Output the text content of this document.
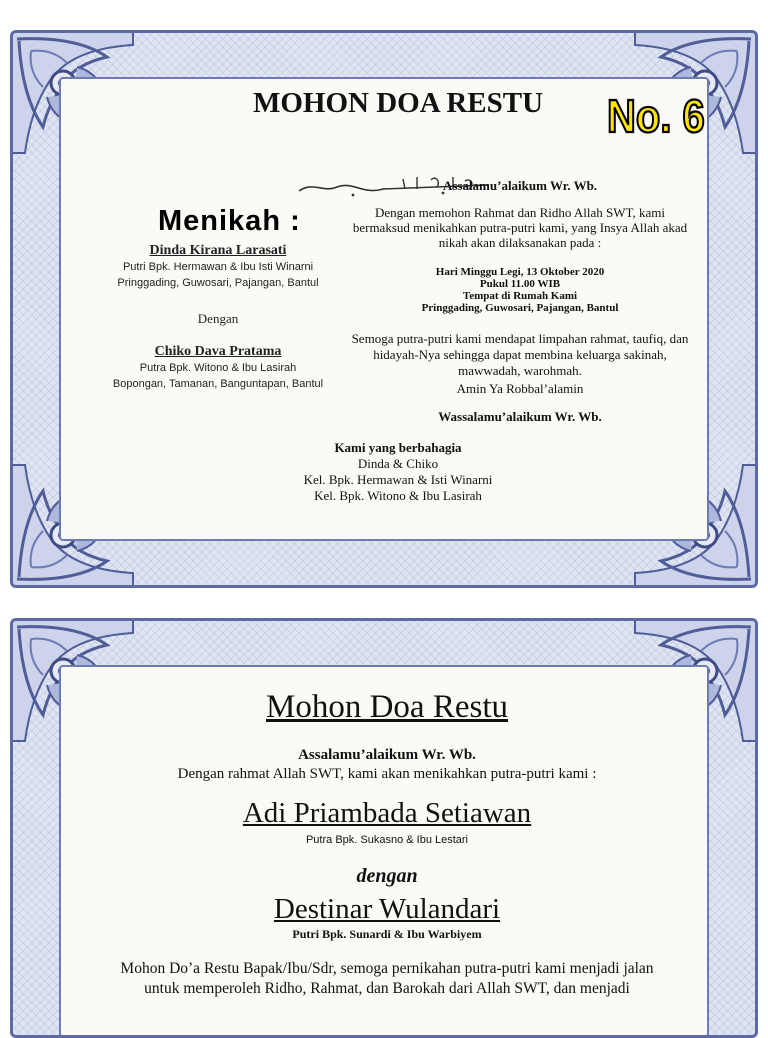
MOHON DOA RESTU	No. 6
Menikah :
Dinda Kirana Larasati
Putri Bpk. Hermawan & Ibu Isti Winarni
Pringgading, Guwosari, Pajangan, Bantul
Dengan
Chiko Dava Pratama
Putra Bpk. Witono & Ibu Lasirah
Bopongan, Tamanan, Banguntapan, Bantul
Assalamu’alaikum Wr. Wb.
Dengan memohon Rahmat dan Ridho Allah SWT, kami bermaksud menikahkan putra-putri kami, yang Insya Allah akad nikah akan dilaksanakan pada :
Hari Minggu Legi, 13 Oktober 2020
Pukul 11.00 WIB
Tempat di Rumah Kami
Pringgading, Guwosari, Pajangan, Bantul
Semoga putra-putri kami mendapat limpahan rahmat, taufiq, dan hidayah-Nya sehingga dapat membina keluarga sakinah, mawwadah, warohmah.
Amin Ya Robbal’alamin
Wassalamu’alaikum Wr. Wb.
Kami yang berbahagia
Dinda & Chiko
Kel. Bpk. Hermawan & Isti Winarni
Kel. Bpk. Witono & Ibu Lasirah
Mohon Doa Restu
Assalamu’alaikum Wr. Wb.
Dengan rahmat Allah SWT, kami akan menikahkan putra-putri kami :
Adi Priambada Setiawan
Putra Bpk. Sukasno & Ibu Lestari
dengan
Destinar Wulandari
Putri Bpk. Sunardi & Ibu Warbiyem
Mohon Do’a Restu Bapak/Ibu/Sdr, semoga pernikahan putra-putri kami menjadi jalan untuk memperoleh Ridho, Rahmat, dan Barokah dari Allah SWT, dan menjadi
